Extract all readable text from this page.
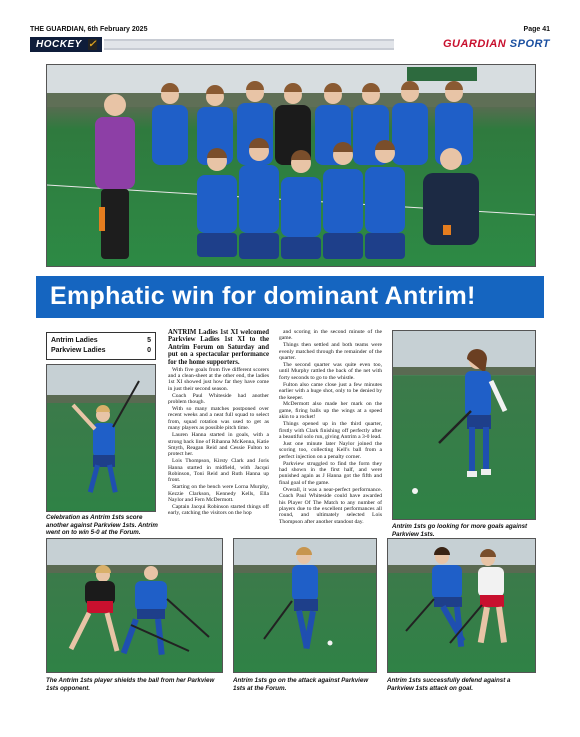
THE GUARDIAN, 6th February 2025	Page 41
HOCKEY ✓	GUARDIAN SPORT
Emphatic win for dominant Antrim!
Antrim Ladies	5
Parkview Ladies	0
Celebration as Antrim 1sts score another against Parkview 1sts. Antrim went on to win 5-0 at the Forum.

ANTRIM Ladies 1st XI welcomed Parkview Ladies 1st XI to the Antrim Forum on Saturday and put on a spectacular performance for the home supporters.

With five goals from five different scorers and a clean-sheet at the other end, the ladies 1st XI showed just how far they have come in just their second season.

Coach Paul Whiteside had another problem though.

With so many matches postponed over recent weeks and a neat full squad to select from, squad rotation was used to get as many players as possible pitch time.

Lauren Hanna started in goals, with a strong back line of Rihanna McKenna, Katie Smyth, Reagan Reid and Cessie Fulton to protect her.

Lois Thompson, Kirsty Clark and Joris Hanna started in midfield, with Jacqui Robinson, Toni Reid and Ruth Hanna up front.

Starting on the bench were Lorna Murphy, Kezzie Clarkson, Kennedy Kells, Ella Naylor and Fern McDermott.

Captain Jacqui Robinson started things off early, catching the visitors on the hop

and scoring in the second minute of the game.

Things then settled and both teams were evenly matched through the remainder of the quarter.

The second quarter was quite even too, until Murphy rattled the back of the net with forty seconds to go to the whistle.

Fulton also came close just a few minutes earlier with a huge shot, only to be denied by the keeper.

McDermott also made her mark on the game, firing balls up the wings at a speed akin to a rocket!

Things opened up in the third quarter, firstly with Clark finishing off perfectly after a beautiful solo run, giving Antrim a 3-0 lead.

Just one minute later Naylor joined the scoring too, collecting Kell's ball from a perfect injection on a penalty corner.

Parkview struggled to find the form they had shown in the first half, and were punished again as J Hanna got the fifth and final goal of the game.

Overall, it was a near-perfect performance. Coach Paul Whiteside could have awarded his Player Of The Match to any number of players due to the excellent performances all round, and ultimately selected Lois Thompson after another standout day.

Antrim 1sts go looking for more goals against Parkview 1sts.
The Antrim 1sts player shields the ball from her Parkview 1sts opponent.
Antrim 1sts go on the attack against Parkview 1sts at the Forum.
Antrim 1sts successfully defend against a Parkview 1sts attack on goal.
